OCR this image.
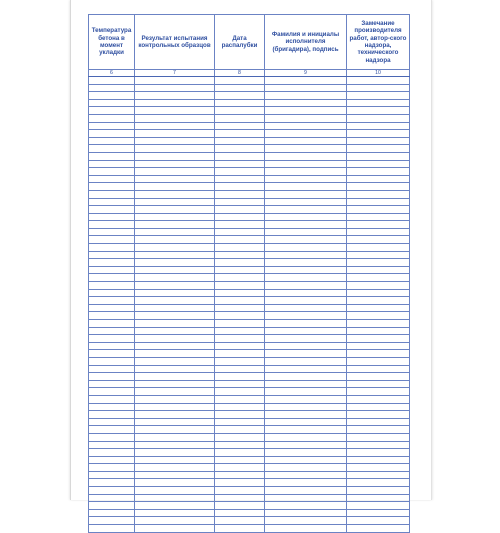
Температура бетона в момент укладки	Результат испытания контрольных образцов	Дата распалубки	Фамилия и инициалы исполнителя (бригадира), подпись	Замечание производителя работ, автор-ского надзора, технического надзора

6	7	8	9	10
